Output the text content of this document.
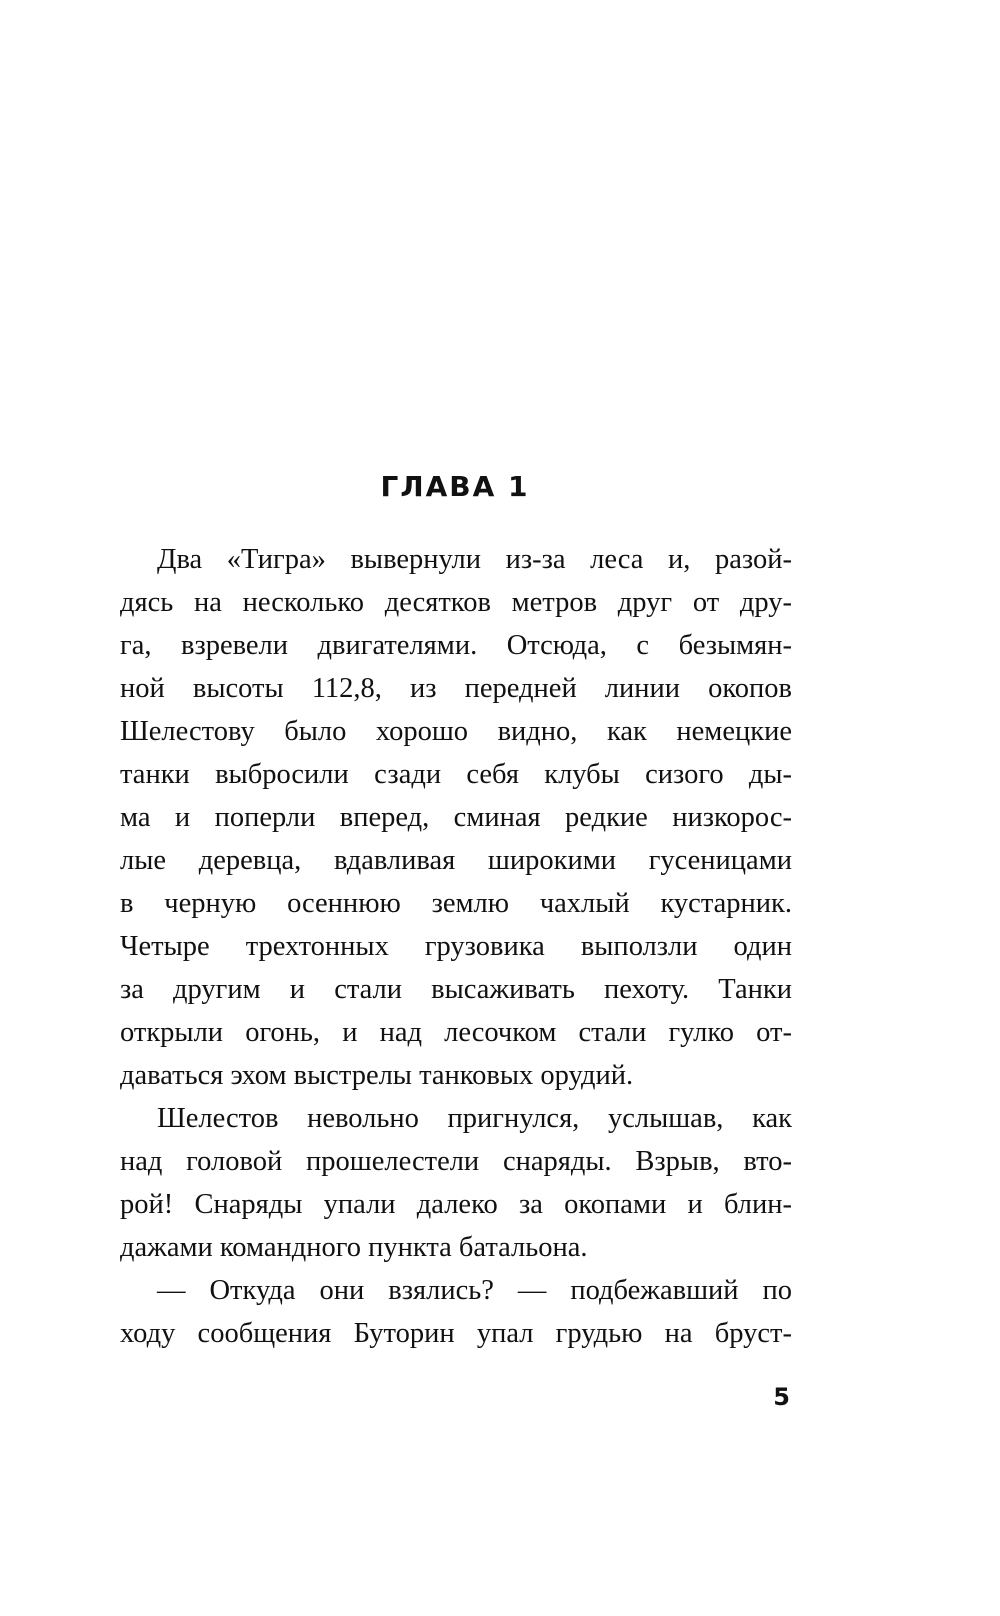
ГЛАВА 1
Два «Тигра» вывернули из-за леса и, разой-
дясь на несколько десятков метров друг от дру-
га, взревели двигателями. Отсюда, с безымян-
ной высоты 112,8, из передней линии окопов
Шелестову было хорошо видно, как немецкие
танки выбросили сзади себя клубы сизого ды-
ма и поперли вперед, сминая редкие низкорос-
лые деревца, вдавливая широкими гусеницами
в черную осеннюю землю чахлый кустарник.
Четыре трехтонных грузовика выползли один
за другим и стали высаживать пехоту. Танки
открыли огонь, и над лесочком стали гулко от-
даваться эхом выстрелы танковых орудий.
Шелестов невольно пригнулся, услышав, как
над головой прошелестели снаряды. Взрыв, вто-
рой! Снаряды упали далеко за окопами и блин-
дажами командного пункта батальона.
— Откуда они взялись? — подбежавший по
ходу сообщения Буторин упал грудью на бруст-
5
